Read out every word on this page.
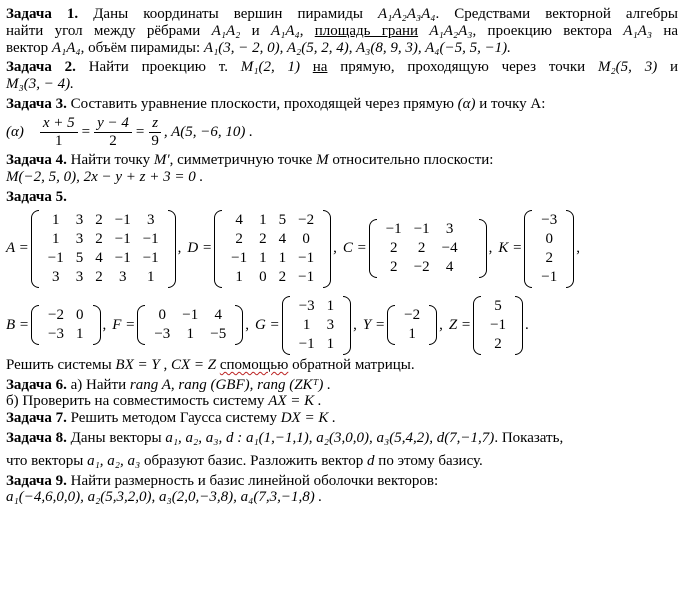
Задача 1. Даны координаты вершин пирамиды A₁A₂A₃A₄. Средствами векторной алгебры
найти угол между рёбрами A₁A₂ и A₁A₄, площадь грани A₁A₂A₃, проекцию вектора A₁A₃ на
вектор A₁A₄, объём пирамиды: A₁(3, − 2, 0), A₂(5, 2, 4), A₃(8, 9, 3), A₄(−5, 5, −1).
Задача 2. Найти проекцию т. M₁(2, 1) на прямую, проходящую через точки M₂(5, 3) и
M₃(3, − 4).
Задача 3. Составить уравнение плоскости, проходящей через прямую (α) и точку А:
$(\alpha) \frac{x + 5}{1} = \frac{y - 4}{2} = \frac{z}{9}$ , A(5, −6, 10) .
Задача 4. Найти точку M′, симметричную точке M относительно плоскости:
M(−2, 5, 0), 2x − y + z + 3 = 0 .
Задача 5.
A =
1	3 2 −1	3
1	3 2 −1 −1
−1 5 4 −1 −1
3	3 2	3	1
, D =
4	1 5 −2
2	2 4	0
−1 1 1 −1
1	0 2 −1
, C =
−1 −1	3
2	2	−4
2	−2	4
, K =
−3
0
2
−1
,
B =
−2 0
−3 1
, F =
0	−1	4
−3	1	−5
, G =
−3 1
1	3
−1 1
, Y =
−2
1
, Z =
5
−1
2
.
Решить системы BX = Y , CX = Z спомощью обратной матрицы.
Задача 6. а) Найти rang A, rang (GBF), rang (ZKᵀ) .
б) Проверить на совместимость систему AX = K .
Задача 7. Решить методом Гаусса систему DX = K .
Задача 8. Даны векторы a₁, a₂, a₃, d : a₁(1,−1,1), a₂(3,0,0), a₃(5,4,2), d(7,−1,7). Показать,
что векторы a₁, a₂, a₃ образуют базис. Разложить вектор d по этому базису.
Задача 9. Найти размерность и базис линейной оболочки векторов:
a₁(−4,6,0,0), a₂(5,3,2,0), a₃(2,0,−3,8), a₄(7,3,−1,8) .
